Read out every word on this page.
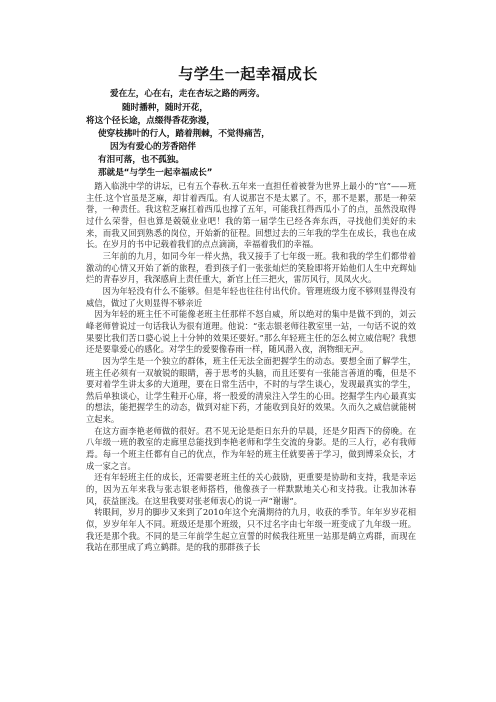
与学生一起幸福成长
爱在左，心在右，走在杏坛之路的两旁。
随时播种，随时开花，
将这个径长途，点缀得香花弥漫，
使穿枝拂叶的行人，踏着荆棘，不觉得痛苦，
因为有爱心的芳香陪伴
有泪可落，也不孤独。
那就是“与学生一起幸福成长”

踏入临洮中学的讲坛，已有五个春秋.五年来一直担任着被誉为世界上最小的“官”——班主任.这个官虽是芝麻，却甘着西瓜。有人说那岂不是太累了。不，那不是累，那是一种荣誉，一种责任。我这粒芝麻扛着西瓜也撑了五年，可能我扛得西瓜小了的点，虽然没取得过什么荣誉，但也算是兢兢业业吧！我的第一届学生已经各奔东西，寻找他们美好的未来，而我又回到熟悉的岗位，开始新的征程。回想过去的三年我的学生在成长，我也在成长。在岁月的书中记载着我们的点点滴滴，幸福着我们的幸福。

三年前的九月，如同今年一样火热，我又接手了七年级一班。我和我的学生们都带着激动的心情又开始了新的旅程，看到孩子们一张张灿烂的笑脸即将开始他们人生中充辉灿烂的青春岁月，我深感肩上责任重大，新官上任三把火，雷厉风行，凤凤火火。

因为年轻没有什么不能够。但是年轻也往往付出代价。管理班级力度不够则显得没有威信，做过了火则显得不够亲近

因为年轻的班主任不可能像老班主任那样不怒自威，所以绝对的集中是做不到的，刘云峰老师曾说过一句话我认为很有道理。他说：“张志银老师往教室里一站，一句话不说的效果要比我们苦口婆心说上十分钟的效果还要好。”那么年轻班主任的怎么树立威信呢？我想还是要靠爱心的感化。对学生的爱要像春雨一样，随风潜入夜，润物细无声。

因为学生是一个独立的群体，班主任无法全面把握学生的动态。要想全面了解学生，班主任必须有一双敏锐的眼睛，善于思考的头脑，而且还要有一张能言善道的嘴，但是不要对着学生讲太多的大道理，要在日常生活中，不时的与学生谈心，发现最真实的学生，然后单独谈心，让学生鞋开心扉，将一股爱的清泉注入学生的心田。挖掘学生内心最真实的想法，能把握学生的动态，做到对症下药，才能收到良好的效果。久而久之威信就能树立起来。

在这方面李艳老师做的很好。君不见无论是炬日东升的早晨，还是夕阳西下的傍晚。在八年级一班的教室的走廊里总能找到李艳老师和学生交流的身影。是的三人行，必有我师焉。每一个班主任都有自己的优点，作为年轻的班主任就要善于学习，做到博采众长，才成一家之言。

还有年轻班主任的成长，还需要老班主任的关心鼓励，更重要是协助和支持，我是幸运的，因为五年来我与张志银老师搭档，他像孩子一样默默地关心和支持我。让我加沐春风，获益匪浅。在这里我要对张老师衷心的说一声“谢谢”。

转眼间，岁月的脚步又来到了2010年这个充满期待的九月，收获的季节。年年岁岁花相似，岁岁年年人不同。班级还是那个班级，只不过名字由七年级一班变成了九年级一班。我还是那个我。不同的是三年前学生起立宣誓的时候我往班里一站那是鹤立鸡群，而现在我站在那里成了鸡立鹤群。是的我的那群孩子长
